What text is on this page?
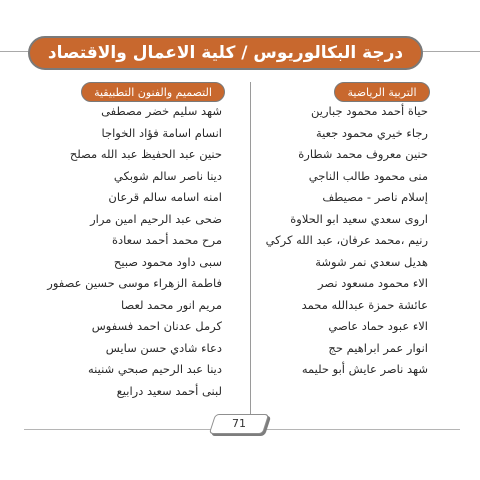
درجة البكالوريوس / كلية الاعمال والاقتصاد
التربية الرياضية
التصميم والفنون التطبيقية
حياة أحمد محمود جبارين
رجاء خيري محمود جعية
حنين معروف محمد شطارة
منى محمود طالب الناجي
إسلام ناصر - مصيطف
اروى سعدي سعيد ابو الحلاوة
رنيم ،محمد عرفان، عبد الله كركي
هديل سعدي نمر شوشة
الاء محمود مسعود نصر
عائشة حمزة عبدالله محمد
الاء عبود حماد عاصي
انوار عمر ابراهيم حج
شهد ناصر عايش أبو حليمه
شهد سليم خضر مصطفى
انسام اسامة فؤاد الخواجا
حنين عبد الحفيظ عبد الله مصلح
دينا ناصر سالم شوبكي
امنه اسامه سالم قرعان
ضحى عبد الرحيم امين مرار
مرح محمد أحمد سعادة
سبى داود محمود صبيح
فاطمة الزهراء موسى حسين عصفور
مريم انور محمد لعصا
كرمل عدنان احمد فسفوس
دعاء شادي حسن سايس
دينا عبد الرحيم صبحي شنينه
لبنى أحمد سعيد درابيع
71
